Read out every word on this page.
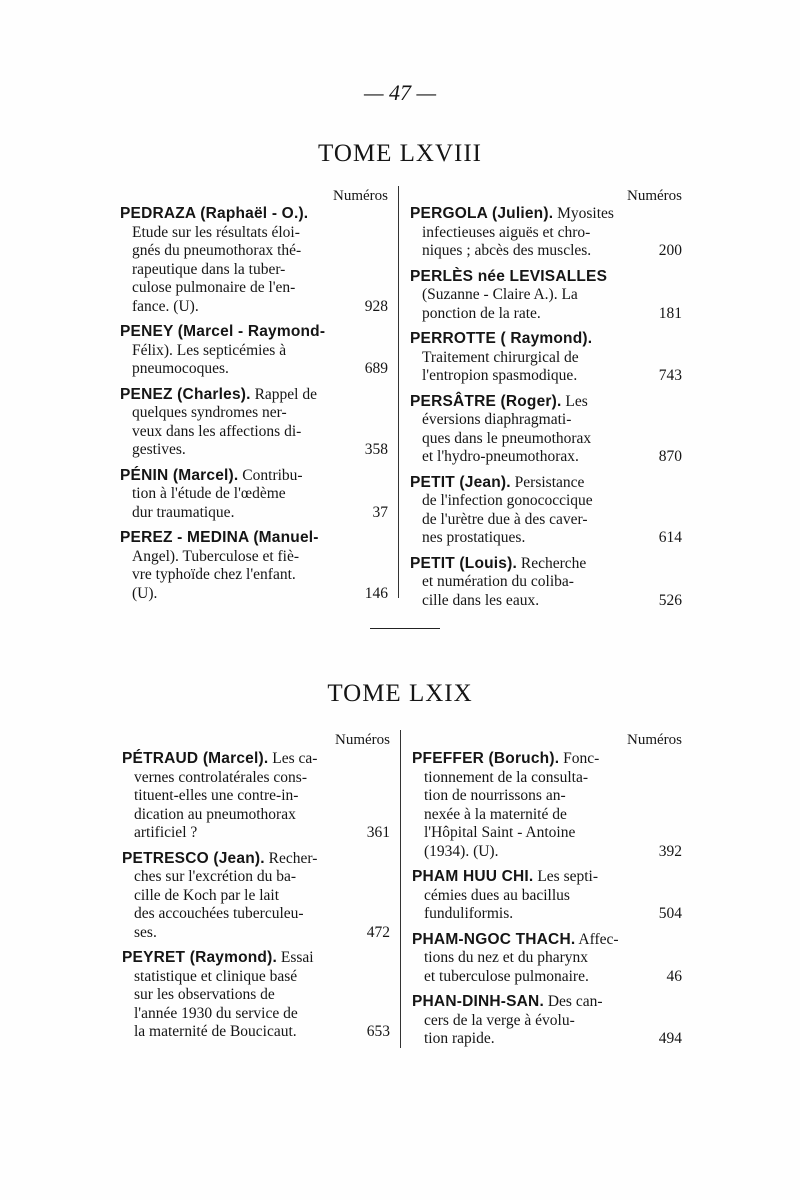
— 47 —
TOME LXVIII
Numéros	Numéros
PEDRAZA (Raphaël - O.).
Etude sur les résultats éloi-
gnés du pneumothorax thé-
rapeutique dans la tuber-
culose pulmonaire de l'en-
fance. (U).	928
PENEY (Marcel - Raymond-
Félix). Les septicémies à
pneumocoques.	689
PENEZ (Charles). Rappel de
quelques syndromes ner-
veux dans les affections di-
gestives.	358
PÉNIN (Marcel). Contribu-
tion à l'étude de l'œdème
dur traumatique.	37
PEREZ - MEDINA (Manuel-
Angel). Tuberculose et fiè-
vre typhoïde chez l'enfant.
(U).	146
PERGOLA (Julien). Myosites
infectieuses aiguës et chro-
niques ; abcès des muscles.	200
PERLÈS née LEVISALLES
(Suzanne - Claire A.). La
ponction de la rate.	181
PERROTTE ( Raymond).
Traitement chirurgical de
l'entropion spasmodique.	743
PERSÂTRE (Roger). Les
éversions diaphragmati-
ques dans le pneumothorax
et l'hydro-pneumothorax.	870
PETIT (Jean). Persistance
de l'infection gonococcique
de l'urètre due à des caver-
nes prostatiques.	614
PETIT (Louis). Recherche
et numération du coliba-
cille dans les eaux.	526
TOME LXIX
Numéros	Numéros
PÉTRAUD (Marcel). Les ca-
vernes controlatérales cons-
tituent-elles une contre-in-
dication au pneumothorax
artificiel ?	361
PETRESCO (Jean). Recher-
ches sur l'excrétion du ba-
cille de Koch par le lait
des accouchées tuberculeu-
ses.	472
PEYRET (Raymond). Essai
statistique et clinique basé
sur les observations de
l'année 1930 du service de
la maternité de Boucicaut.	653
PFEFFER (Boruch). Fonc-
tionnement de la consulta-
tion de nourrissons an-
nexée à la maternité de
l'Hôpital Saint - Antoine
(1934). (U).	392
PHAM HUU CHI. Les septi-
cémies dues au bacillus
funduliformis.	504
PHAM-NGOC THACH. Affec-
tions du nez et du pharynx
et tuberculose pulmonaire.	46
PHAN-DINH-SAN. Des can-
cers de la verge à évolu-
tion rapide.	494
